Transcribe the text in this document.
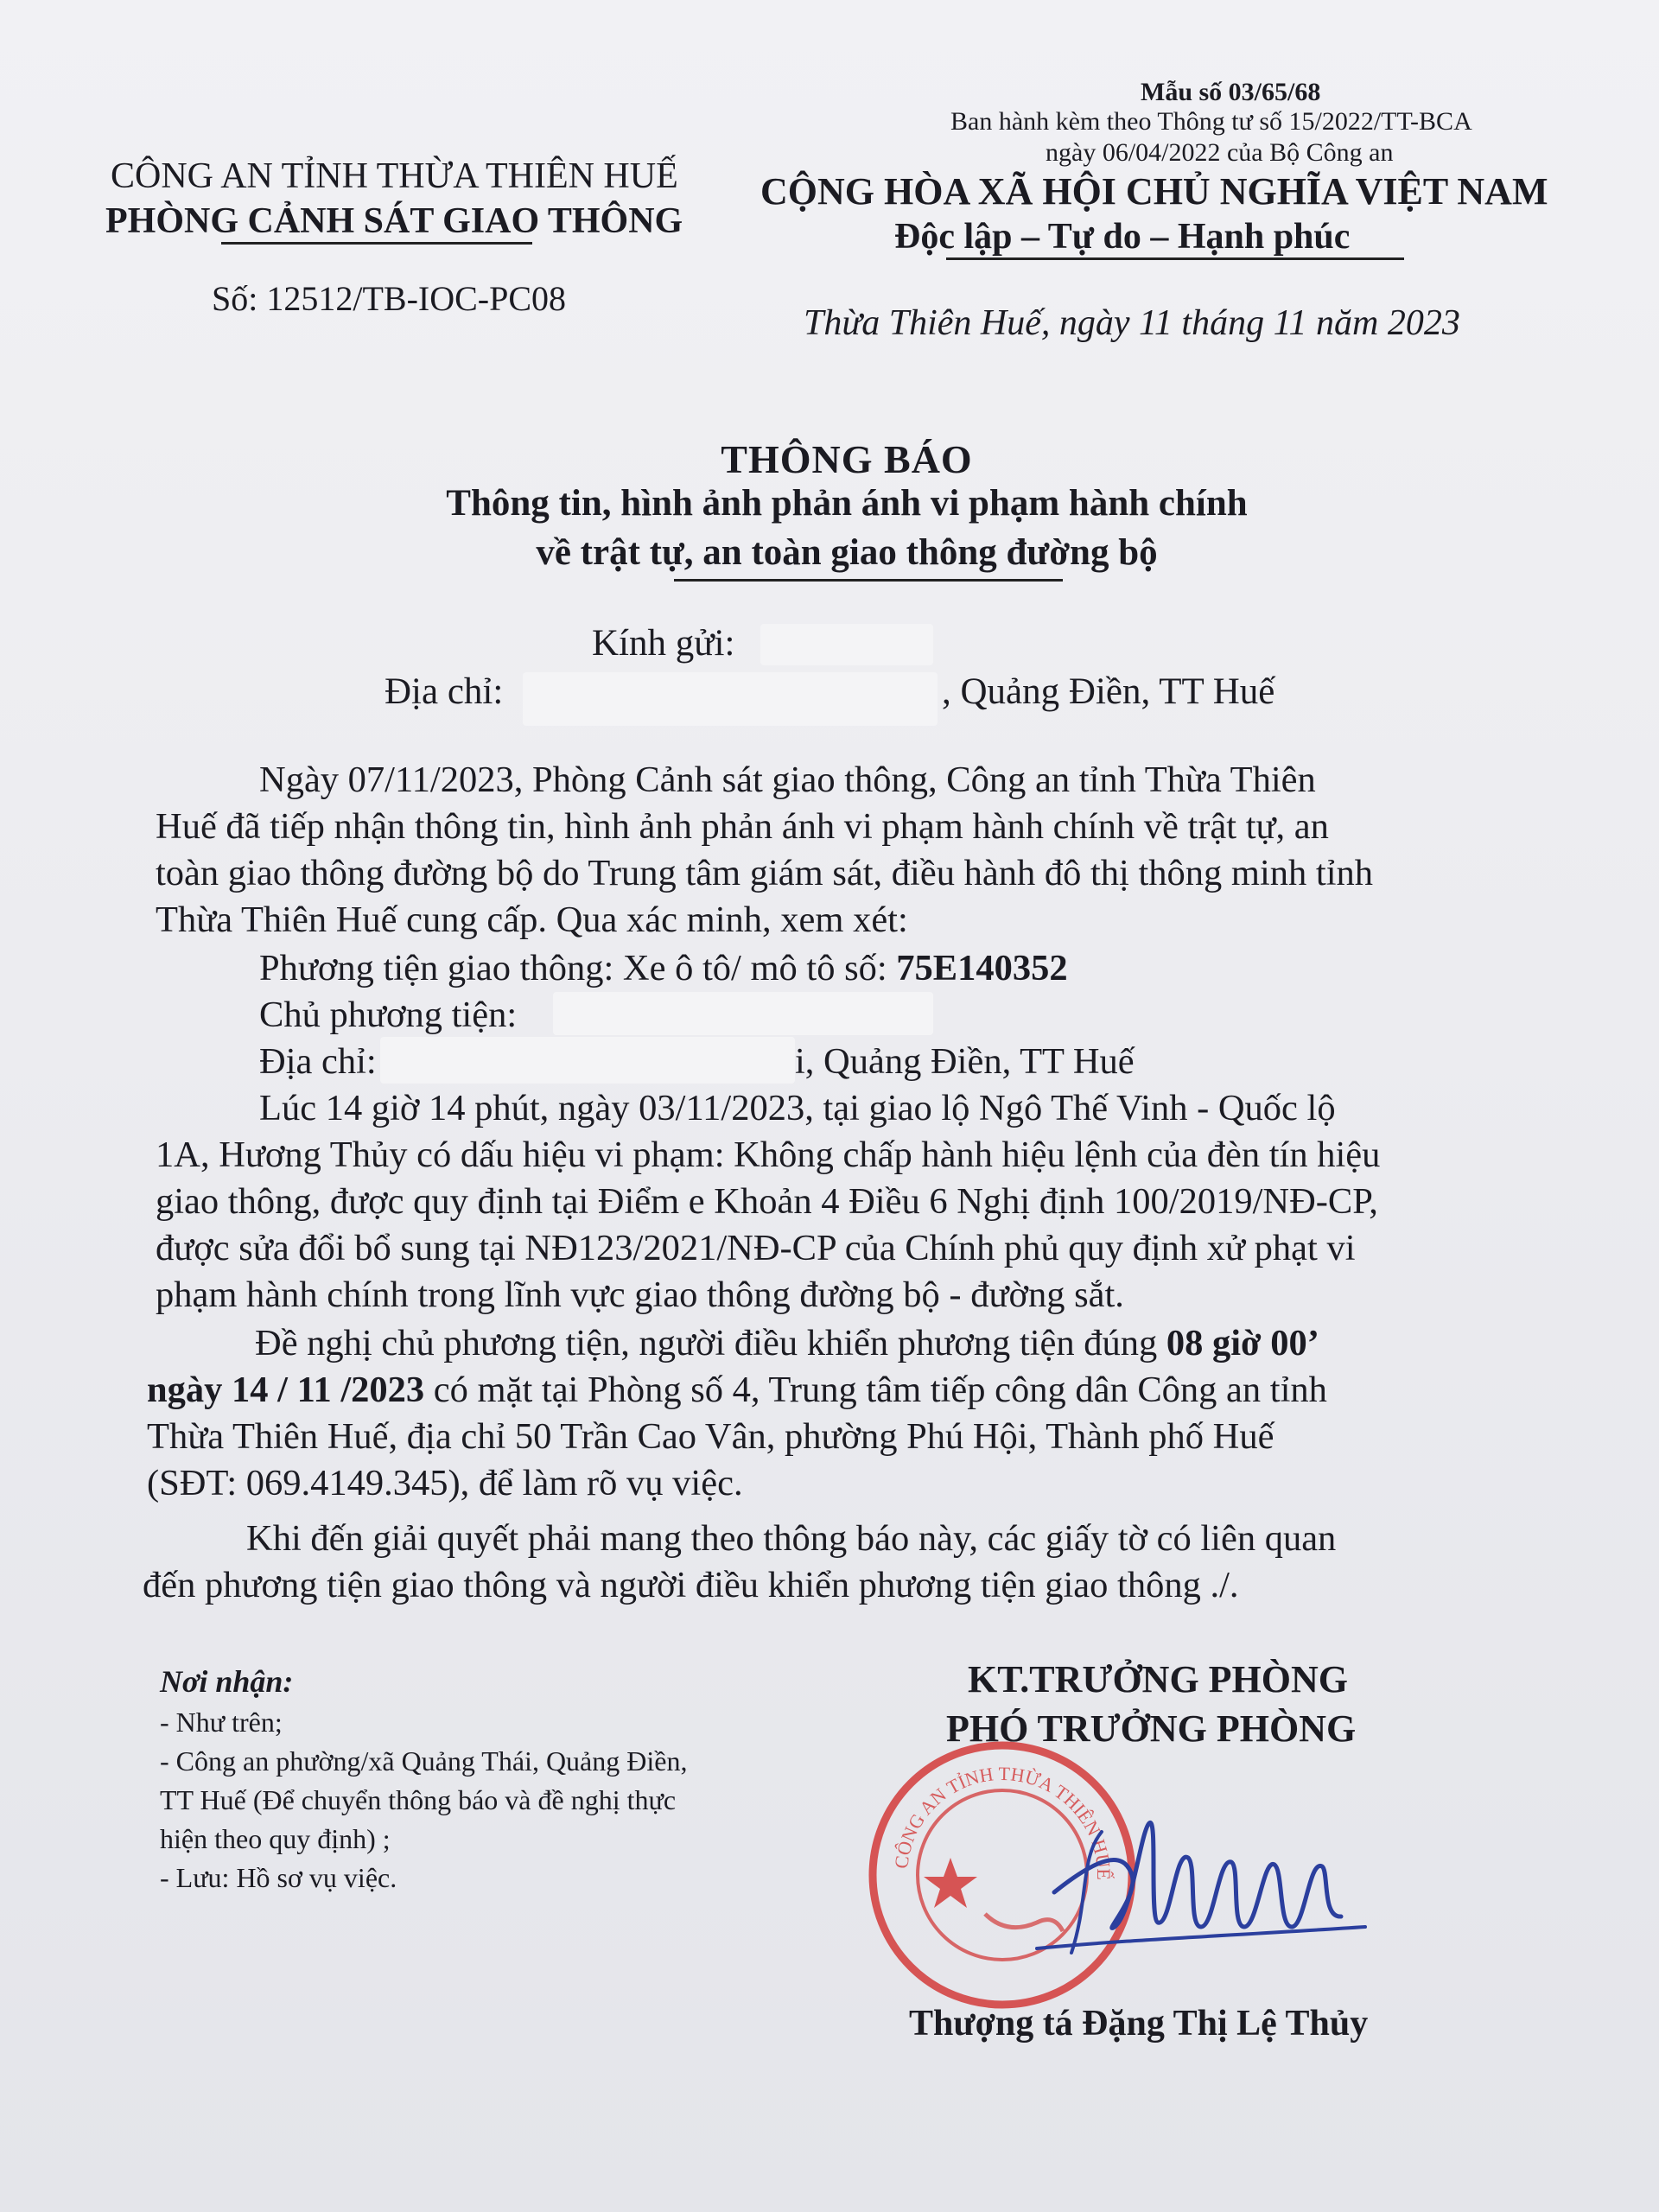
Mẫu số 03/65/68
Ban hành kèm theo Thông tư số 15/2022/TT-BCA
ngày 06/04/2022 của Bộ Công an
CÔNG AN TỈNH THỪA THIÊN HUẾ
PHÒNG CẢNH SÁT GIAO THÔNG
Số: 12512/TB-IOC-PC08
CỘNG HÒA XÃ HỘI CHỦ NGHĨA VIỆT NAM
Độc lập – Tự do – Hạnh phúc
Thừa Thiên Huế, ngày 11 tháng 11 năm 2023
THÔNG BÁO
Thông tin, hình ảnh phản ánh vi phạm hành chính
về trật tự, an toàn giao thông đường bộ
Kính gửi:
Địa chỉ:	, Quảng Điền, TT Huế
Ngày 07/11/2023, Phòng Cảnh sát giao thông, Công an tỉnh Thừa Thiên
Huế đã tiếp nhận thông tin, hình ảnh phản ánh vi phạm hành chính về trật tự, an
toàn giao thông đường bộ do Trung tâm giám sát, điều hành đô thị thông minh tỉnh
Thừa Thiên Huế cung cấp. Qua xác minh, xem xét:
Phương tiện giao thông: Xe ô tô/ mô tô số: 75E140352
Chủ phương tiện:
Địa chỉ:	i, Quảng Điền, TT Huế
Lúc 14 giờ 14 phút, ngày 03/11/2023, tại giao lộ Ngô Thế Vinh - Quốc lộ
1A, Hương Thủy có dấu hiệu vi phạm: Không chấp hành hiệu lệnh của đèn tín hiệu
giao thông, được quy định tại Điểm e Khoản 4 Điều 6 Nghị định 100/2019/NĐ-CP,
được sửa đổi bổ sung tại NĐ123/2021/NĐ-CP của Chính phủ quy định xử phạt vi
phạm hành chính trong lĩnh vực giao thông đường bộ - đường sắt.
Đề nghị chủ phương tiện, người điều khiển phương tiện đúng 08 giờ 00’
ngày 14 / 11 /2023 có mặt tại Phòng số 4, Trung tâm tiếp công dân Công an tỉnh
Thừa Thiên Huế, địa chỉ 50 Trần Cao Vân, phường Phú Hội, Thành phố Huế
(SĐT: 069.4149.345), để làm rõ vụ việc.
Khi đến giải quyết phải mang theo thông báo này, các giấy tờ có liên quan
đến phương tiện giao thông và người điều khiển phương tiện giao thông ./.
Nơi nhận:
- Như trên;
- Công an phường/xã Quảng Thái, Quảng Điền,
TT Huế (Để chuyển thông báo và đề nghị thực
hiện theo quy định) ;
- Lưu: Hồ sơ vụ việc.
KT.TRƯỞNG PHÒNG
PHÓ TRƯỞNG PHÒNG
CÔNG AN TỈNH THỪA THIÊN HUẾ
Thượng tá Đặng Thị Lệ Thủy
